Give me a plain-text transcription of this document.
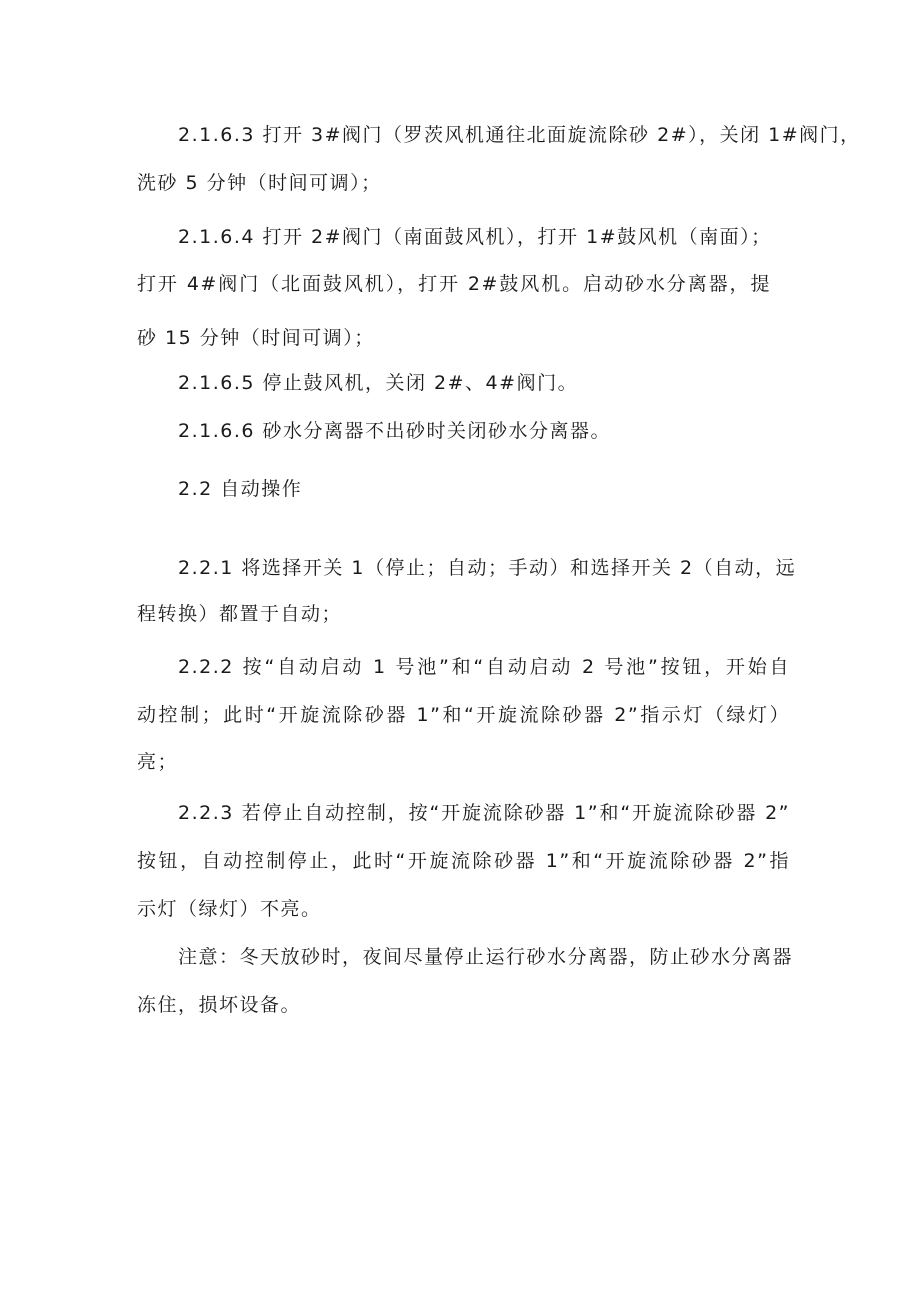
2.1.6.3 打开 3#阀门（罗茨风机通往北面旋流除砂 2#），关闭 1#阀门，
洗砂 5 分钟（时间可调）；
2.1.6.4 打开 2#阀门（南面鼓风机），打开 1#鼓风机（南面）；
打开 4#阀门（北面鼓风机），打开 2#鼓风机。启动砂水分离器，提
砂 15 分钟（时间可调）；
2.1.6.5 停止鼓风机，关闭 2#、4#阀门。
2.1.6.6 砂水分离器不出砂时关闭砂水分离器。
2.2 自动操作
2.2.1 将选择开关 1（停止；自动；手动）和选择开关 2（自动，远
程转换）都置于自动；
2.2.2 按“自动启动 1 号池”和“自动启动 2 号池”按钮，开始自
动控制；此时“开旋流除砂器 1”和“开旋流除砂器 2”指示灯（绿灯）
亮；
2.2.3 若停止自动控制，按“开旋流除砂器 1”和“开旋流除砂器 2”
按钮，自动控制停止，此时“开旋流除砂器 1”和“开旋流除砂器 2”指
示灯（绿灯）不亮。
注意：冬天放砂时，夜间尽量停止运行砂水分离器，防止砂水分离器
冻住，损坏设备。
